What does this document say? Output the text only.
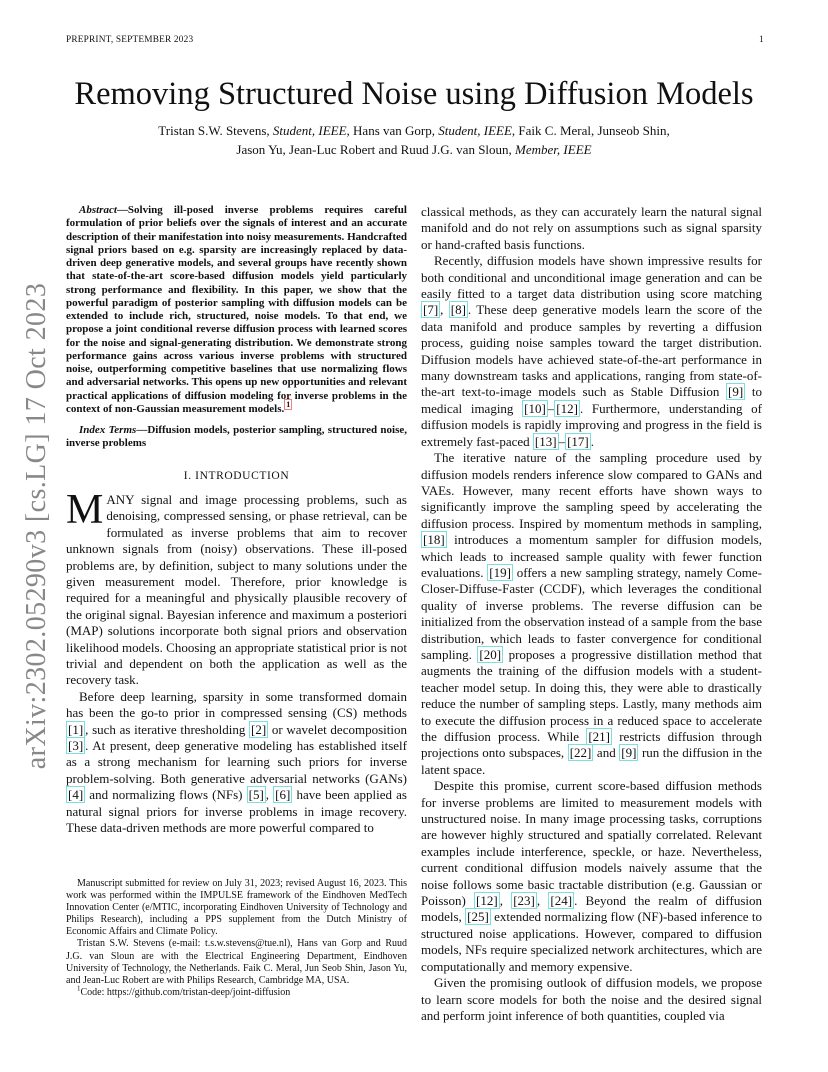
PREPRINT, SEPTEMBER 2023	1
Removing Structured Noise using Diffusion Models
Tristan S.W. Stevens, Student, IEEE, Hans van Gorp, Student, IEEE, Faik C. Meral, Junseob Shin,
Jason Yu, Jean-Luc Robert and Ruud J.G. van Sloun, Member, IEEE
arXiv:2302.05290v3 [cs.LG] 17 Oct 2023

Abstract—Solving ill-posed inverse problems requires careful formulation of prior beliefs over the signals of interest and an accurate description of their manifestation into noisy measurements. Handcrafted signal priors based on e.g. sparsity are increasingly replaced by data-driven deep generative models, and several groups have recently shown that state-of-the-art score-based diffusion models yield particularly strong performance and flexibility. In this paper, we show that the powerful paradigm of posterior sampling with diffusion models can be extended to include rich, structured, noise models. To that end, we propose a joint conditional reverse diffusion process with learned scores for the noise and signal-generating distribution. We demonstrate strong performance gains across various inverse problems with structured noise, outperforming competitive baselines that use normalizing flows and adversarial networks. This opens up new opportunities and relevant practical applications of diffusion modeling for inverse problems in the context of non-Gaussian measurement models. $^1$

Index Terms—Diffusion models, posterior sampling, structured noise, inverse problems

I. INTRODUCTION

MANY signal and image processing problems, such as denoising, compressed sensing, or phase retrieval, can be formulated as inverse problems that aim to recover unknown signals from (noisy) observations. These ill-posed problems are, by definition, subject to many solutions under the given measurement model. Therefore, prior knowledge is required for a meaningful and physically plausible recovery of the original signal. Bayesian inference and maximum a posteriori (MAP) solutions incorporate both signal priors and observation likelihood models. Choosing an appropriate statistical prior is not trivial and dependent on both the application as well as the recovery task.

Before deep learning, sparsity in some transformed domain has been the go-to prior in compressed sensing (CS) methods [1] , such as iterative thresholding [2] or wavelet decomposition [3] . At present, deep generative modeling has established itself as a strong mechanism for learning such priors for inverse problem-solving. Both generative adversarial networks (GANs) [4] and normalizing flows (NFs) [5] , [6] have been applied as natural signal priors for inverse problems in image recovery. These data-driven methods are more powerful compared to

Manuscript submitted for review on July 31, 2023; revised August 16, 2023. This work was performed within the IMPULSE framework of the Eindhoven MedTech Innovation Center (e/MTIC, incorporating Eindhoven University of Technology and Philips Research), including a PPS supplement from the Dutch Ministry of Economic Affairs and Climate Policy.

Tristan S.W. Stevens (e-mail: t.s.w.stevens@tue.nl), Hans van Gorp and Ruud J.G. van Sloun are with the Electrical Engineering Department, Eindhoven University of Technology, the Netherlands. Faik C. Meral, Jun Seob Shin, Jason Yu, and Jean-Luc Robert are with Philips Research, Cambridge MA, USA.

$^1$Code: https://github.com/tristan-deep/joint-diffusion

classical methods, as they can accurately learn the natural signal manifold and do not rely on assumptions such as signal sparsity or hand-crafted basis functions.

Recently, diffusion models have shown impressive results for both conditional and unconditional image generation and can be easily fitted to a target data distribution using score matching [7] , [8] . These deep generative models learn the score of the data manifold and produce samples by reverting a diffusion process, guiding noise samples toward the target distribution. Diffusion models have achieved state-of-the-art performance in many downstream tasks and applications, ranging from state-of-the-art text-to-image models such as Stable Diffusion [9] to medical imaging [10] – [12] . Furthermore, understanding of diffusion models is rapidly improving and progress in the field is extremely fast-paced [13] – [17] .

The iterative nature of the sampling procedure used by diffusion models renders inference slow compared to GANs and VAEs. However, many recent efforts have shown ways to significantly improve the sampling speed by accelerating the diffusion process. Inspired by momentum methods in sampling, [18] introduces a momentum sampler for diffusion models, which leads to increased sample quality with fewer function evaluations. [19] offers a new sampling strategy, namely Come-Closer-Diffuse-Faster (CCDF), which leverages the conditional quality of inverse problems. The reverse diffusion can be initialized from the observation instead of a sample from the base distribution, which leads to faster convergence for conditional sampling. [20] proposes a progressive distillation method that augments the training of the diffusion models with a student-teacher model setup. In doing this, they were able to drastically reduce the number of sampling steps. Lastly, many methods aim to execute the diffusion process in a reduced space to accelerate the diffusion process. While [21] restricts diffusion through projections onto subspaces, [22] and [9] run the diffusion in the latent space.

Despite this promise, current score-based diffusion methods for inverse problems are limited to measurement models with unstructured noise. In many image processing tasks, corruptions are however highly structured and spatially correlated. Relevant examples include interference, speckle, or haze. Nevertheless, current conditional diffusion models naively assume that the noise follows some basic tractable distribution (e.g. Gaussian or Poisson) [12] , [23] , [24] . Beyond the realm of diffusion models, [25] extended normalizing flow (NF)-based inference to structured noise applications. However, compared to diffusion models, NFs require specialized network architectures, which are computationally and memory expensive.

Given the promising outlook of diffusion models, we propose to learn score models for both the noise and the desired signal and perform joint inference of both quantities, coupled via
